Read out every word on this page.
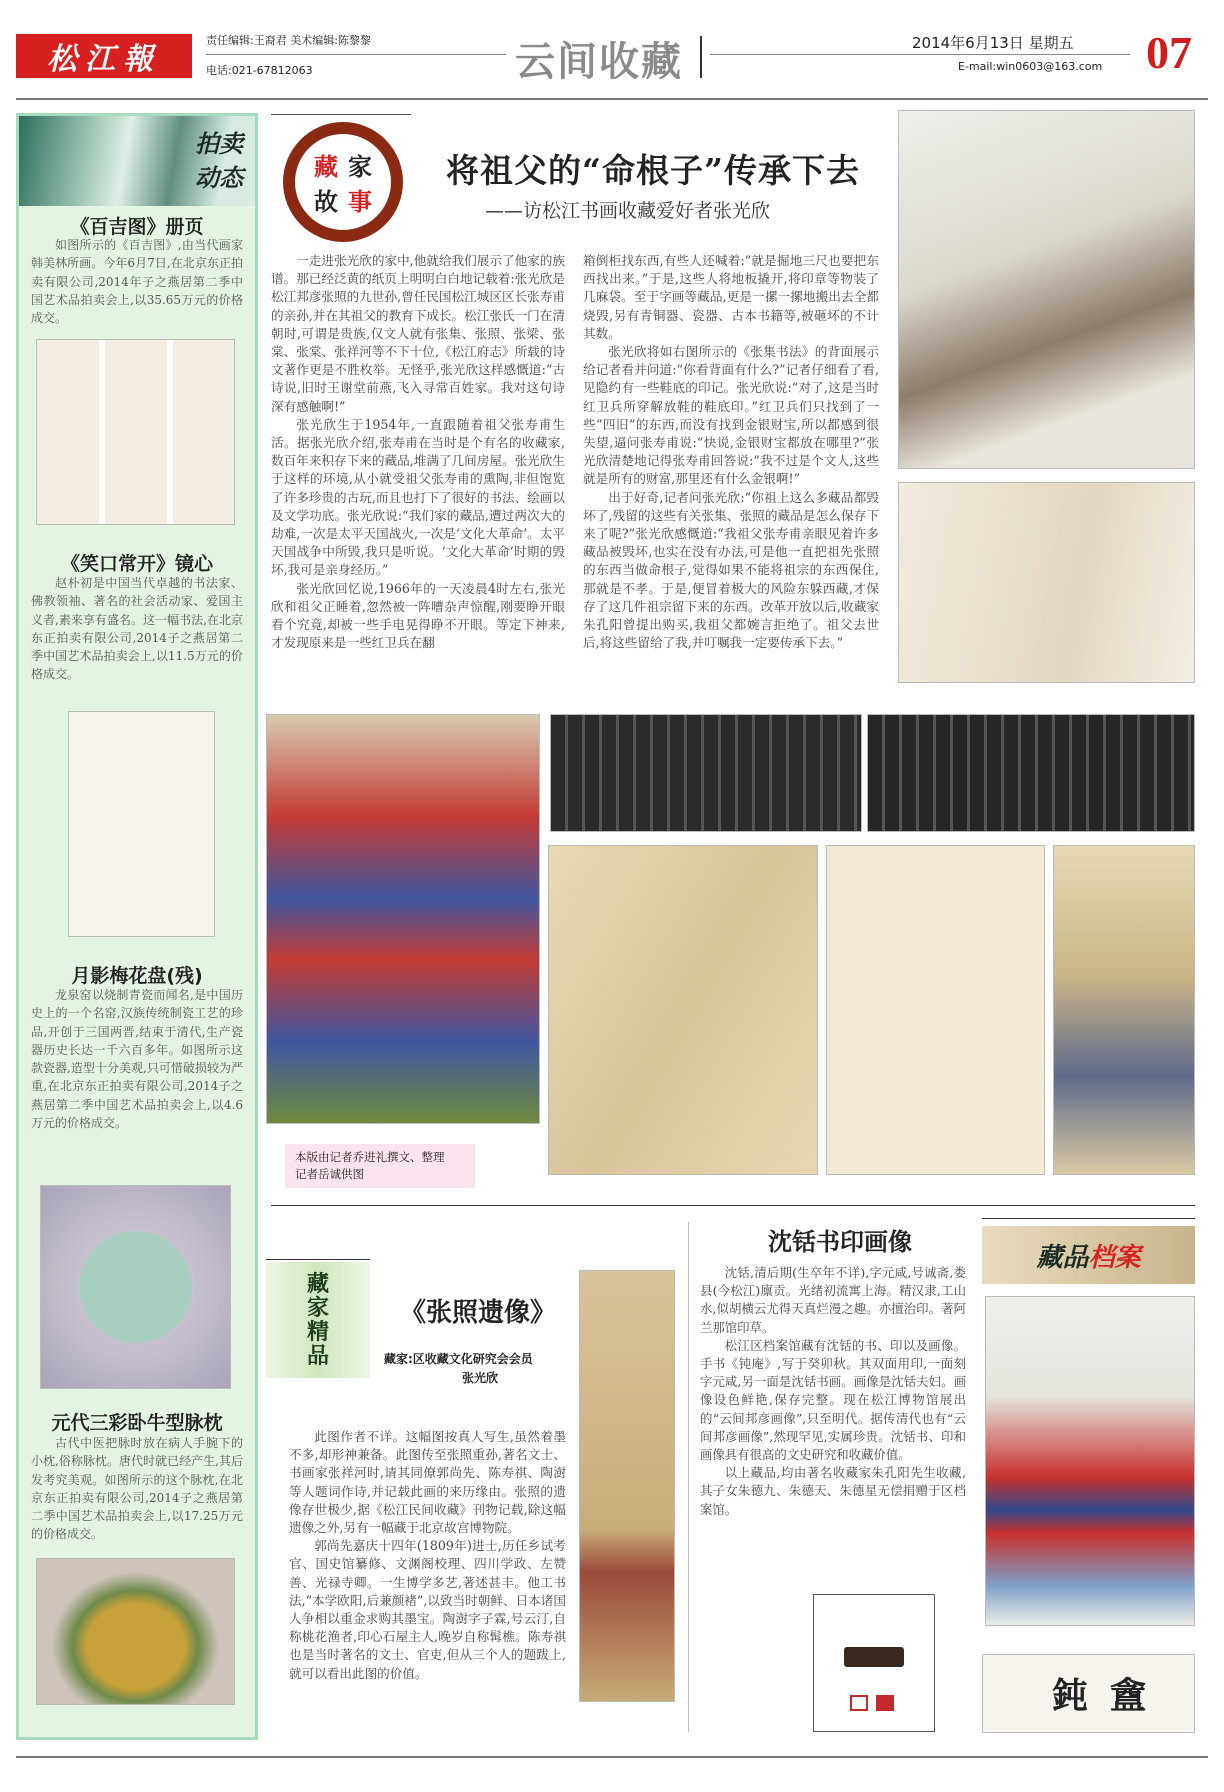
松江報
责任编辑:王裔君 美术编辑:陈黎黎
电话:021-67812063	云间收藏	2014年6月13日 星期五
E-mail:win0603@163.com 07
拍卖
动态
《百吉图》册页
如图所示的《百吉图》,由当代画家韩美林所画。今年6月7日,在北京东正拍卖有限公司,2014年子之燕居第二季中国艺术品拍卖会上,以35.65万元的价格成交。
《笑口常开》镜心
赵朴初是中国当代卓越的书法家、佛教领袖、著名的社会活动家、爱国主义者,素来享有盛名。这一幅书法,在北京东正拍卖有限公司,2014子之燕居第二季中国艺术品拍卖会上,以11.5万元的价格成交。
月影梅花盘(残)
龙泉窑以烧制青瓷而闻名,是中国历史上的一个名窑,汉族传统制瓷工艺的珍品,开创于三国两晋,结束于清代,生产瓷器历史长达一千六百多年。如图所示这款瓷器,造型十分美观,只可惜破损较为严重,在北京东正拍卖有限公司,2014子之燕居第二季中国艺术品拍卖会上,以4.6万元的价格成交。
元代三彩卧牛型脉枕
古代中医把脉时放在病人手腕下的小枕,俗称脉枕。唐代时就已经产生,其后发考究美观。如图所示的这个脉枕,在北京东正拍卖有限公司,2014子之燕居第二季中国艺术品拍卖会上,以17.25万元的价格成交。
藏 家
故 事
将祖父的“命根子”传承下去
——访松江书画收藏爱好者张光欣

一走进张光欣的家中,他就给我们展示了他家的族谱。那已经泛黄的纸页上明明白白地记载着:张光欣是松江邦彦张照的九世孙,曾任民国松江城区区长张寿甫的亲孙,并在其祖父的教育下成长。松江张氏一门在清朝时,可谓是贵族,仅文人就有张集、张照、张梁、张棠、张棠、张祥河等不下十位,《松江府志》所载的诗文著作更是不胜枚举。无怪乎,张光欣这样感慨道:“古诗说,旧时王谢堂前燕,飞入寻常百姓家。我对这句诗深有感触啊!”

张光欣生于1954年,一直跟随着祖父张寿甫生活。据张光欣介绍,张寿甫在当时是个有名的收藏家,数百年来积存下来的藏品,堆满了几间房屋。张光欣生于这样的环境,从小就受祖父张寿甫的熏陶,非但饱览了许多珍贵的古玩,而且也打下了很好的书法、绘画以及文学功底。张光欣说:“我们家的藏品,遭过两次大的劫难,一次是太平天国战火,一次是‘文化大革命’。太平天国战争中所毁,我只是听说。‘文化大革命’时期的毁坏,我可是亲身经历。”

张光欣回忆说,1966年的一天凌晨4时左右,张光欣和祖父正睡着,忽然被一阵嘈杂声惊醒,刚要睁开眼看个究竟,却被一些手电晃得睁不开眼。等定下神来,才发现原来是一些红卫兵在翻

箱倒柜找东西,有些人还喊着:“就是掘地三尺也要把东西找出来。”于是,这些人将地板撬开,将印章等物装了几麻袋。至于字画等藏品,更是一摞一摞地搬出去全都烧毁,另有青铜器、瓷器、古本书籍等,被砸坏的不计其数。

张光欣将如右图所示的《张集书法》的背面展示给记者看并问道:“你看背面有什么?”记者仔细看了看,见隐约有一些鞋底的印记。张光欣说:“对了,这是当时红卫兵所穿解放鞋的鞋底印。”红卫兵们只找到了一些“四旧”的东西,而没有找到金银财宝,所以都感到很失望,逼问张寿甫说:“快说,金银财宝都放在哪里?”张光欣清楚地记得张寿甫回答说:“我不过是个文人,这些就是所有的财富,那里还有什么金银啊!”

出于好奇,记者问张光欣:“你祖上这么多藏品都毁坏了,残留的这些有关张集、张照的藏品是怎么保存下来了呢?”张光欣感慨道:“我祖父张寿甫亲眼见着许多藏品被毁坏,也实在没有办法,可是他一直把祖先张照的东西当做命根子,觉得如果不能将祖宗的东西保住,那就是不孝。于是,便冒着极大的风险东躲西藏,才保存了这几件祖宗留下来的东西。改革开放以后,收藏家朱孔阳曾提出购买,我祖父都婉言拒绝了。祖父去世后,将这些留给了我,并叮嘱我一定要传承下去。”

本版由记者乔进礼撰文、整理
记者岳诚供图
藏
家
精
品
《张照遗像》
藏家:区收藏文化研究会会员
张光欣

此图作者不详。这幅图按真人写生,虽然着墨不多,却形神兼备。此图传至张照重孙,著名文士、书画家张祥河时,请其同僚郭尚先、陈寿祺、陶澍等人题词作诗,并记载此画的来历缘由。张照的遗像存世极少,据《松江民间收藏》刊物记载,除这幅遗像之外,另有一幅藏于北京故宫博物院。

郭尚先嘉庆十四年(1809年)进士,历任乡试考官、国史馆纂修、文渊阁校理、四川学政、左赞善、光禄寺卿。一生博学多艺,著述甚丰。他工书法,“本学欧阳,后兼颜褚”,以致当时朝鲜、日本诸国人争相以重金求购其墨宝。陶澍字子霖,号云汀,自称桃花渔者,印心石屋主人,晚岁自称髯樵。陈寿祺也是当时著名的文士、官吏,但从三个人的题跋上,就可以看出此图的价值。

沈铦书印画像

沈铦,清后期(生卒年不详),字元咸,号诚斋,娄县(今松江)廪贡。光绪初流寓上海。精汉隶,工山水,似胡横云尤得天真烂漫之趣。亦擅治印。著阿兰那馆印草。

松江区档案馆藏有沈铦的书、印以及画像。手书《钝庵》,写于癸卯秋。其双面用印,一面刻字元咸,另一面是沈铦书画。画像是沈铦夫妇。画像设色鲜艳,保存完整。现在松江博物馆展出的“云间邦彦画像”,只至明代。据传清代也有“云间邦彦画像”,然现罕见,实属珍贵。沈铦书、印和画像具有很高的文史研究和收藏价值。

以上藏品,均由著名收藏家朱孔阳先生收藏,其子女朱德九、朱德天、朱德星无偿捐赠于区档案馆。

藏品 档案
鈍盦
